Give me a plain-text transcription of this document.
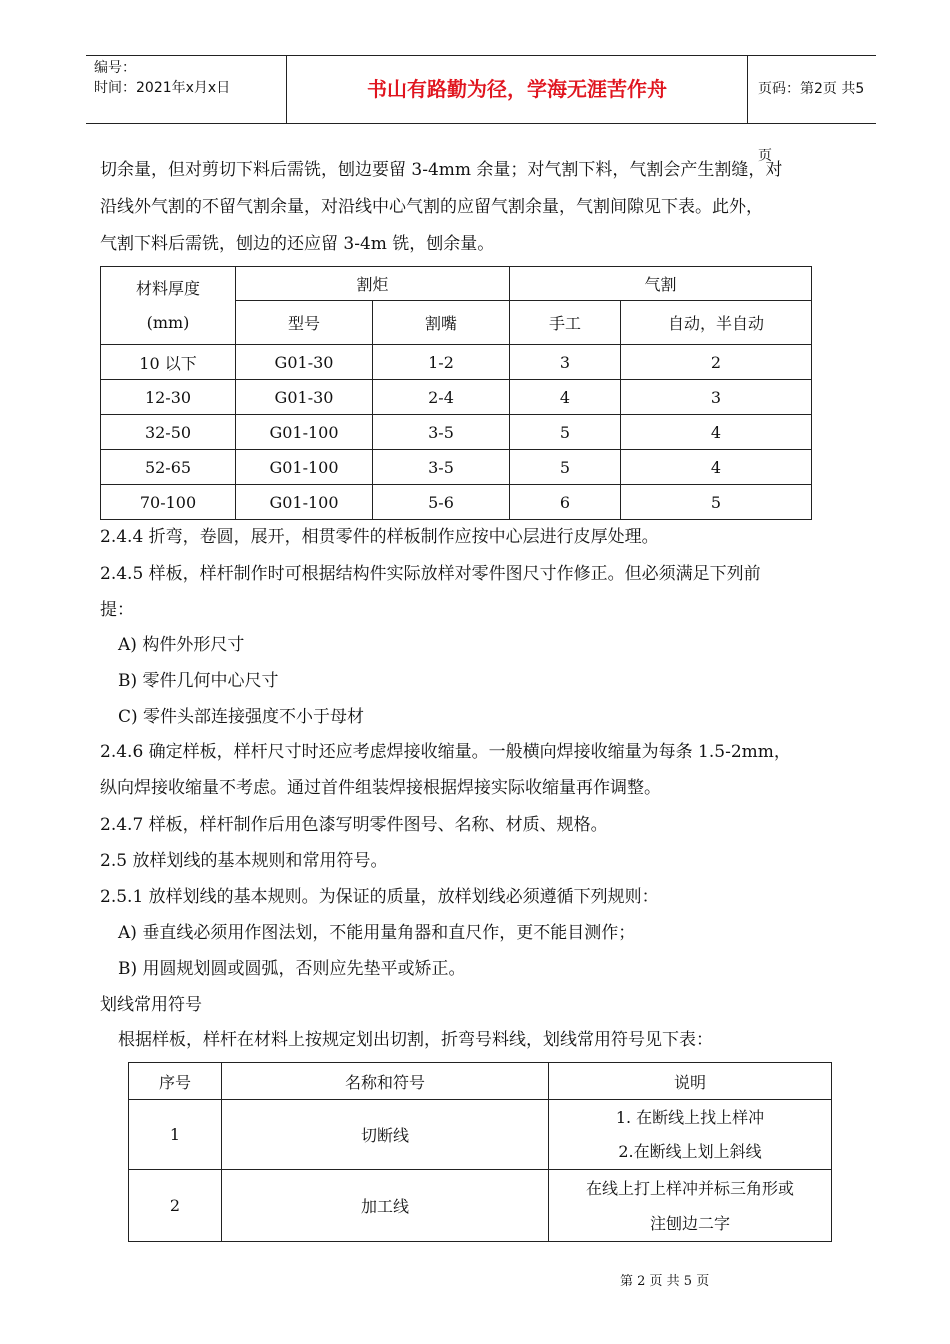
编号：
时间：2021年x月x日	书山有路勤为径，学海无涯苦作舟	页码：第2页 共5页
切余量，但对剪切下料后需铣，刨边要留 3-4mm 余量；对气割下料，气割会产生割缝，对
沿线外气割的不留气割余量，对沿线中心气割的应留气割余量，气割间隙见下表。此外，
气割下料后需铣，刨边的还应留 3-4m 铣，刨余量。
材料厚度
(mm)	割炬		气割	
	型号	割嘴	手工	自动，半自动
10 以下	G01-30	1-2	3	2
12-30	G01-30	2-4	4	3
32-50	G01-100	3-5	5	4
52-65	G01-100	3-5	5	4
70-100	G01-100	5-6	6	5
2.4.4 折弯，卷圆，展开，相贯零件的样板制作应按中心层进行皮厚处理。
2.4.5 样板，样杆制作时可根据结构件实际放样对零件图尺寸作修正。但必须满足下列前
提：
A) 构件外形尺寸
B) 零件几何中心尺寸
C) 零件头部连接强度不小于母材
2.4.6 确定样板，样杆尺寸时还应考虑焊接收缩量。一般横向焊接收缩量为每条 1.5-2mm，
纵向焊接收缩量不考虑。通过首件组装焊接根据焊接实际收缩量再作调整。
2.4.7 样板，样杆制作后用色漆写明零件图号、名称、材质、规格。
2.5 放样划线的基本规则和常用符号。
2.5.1 放样划线的基本规则。为保证的质量，放样划线必须遵循下列规则：
A) 垂直线必须用作图法划，不能用量角器和直尺作，更不能目测作；
B) 用圆规划圆或圆弧，否则应先垫平或矫正。
划线常用符号
根据样板，样杆在材料上按规定划出切割，折弯号料线，划线常用符号见下表：
序号	名称和符号	说明
1	切断线	1. 在断线上找上样冲
2.在断线上划上斜线

2	加工线	在线上打上样冲并标三角形或
注刨边二字
第 2 页 共 5 页
